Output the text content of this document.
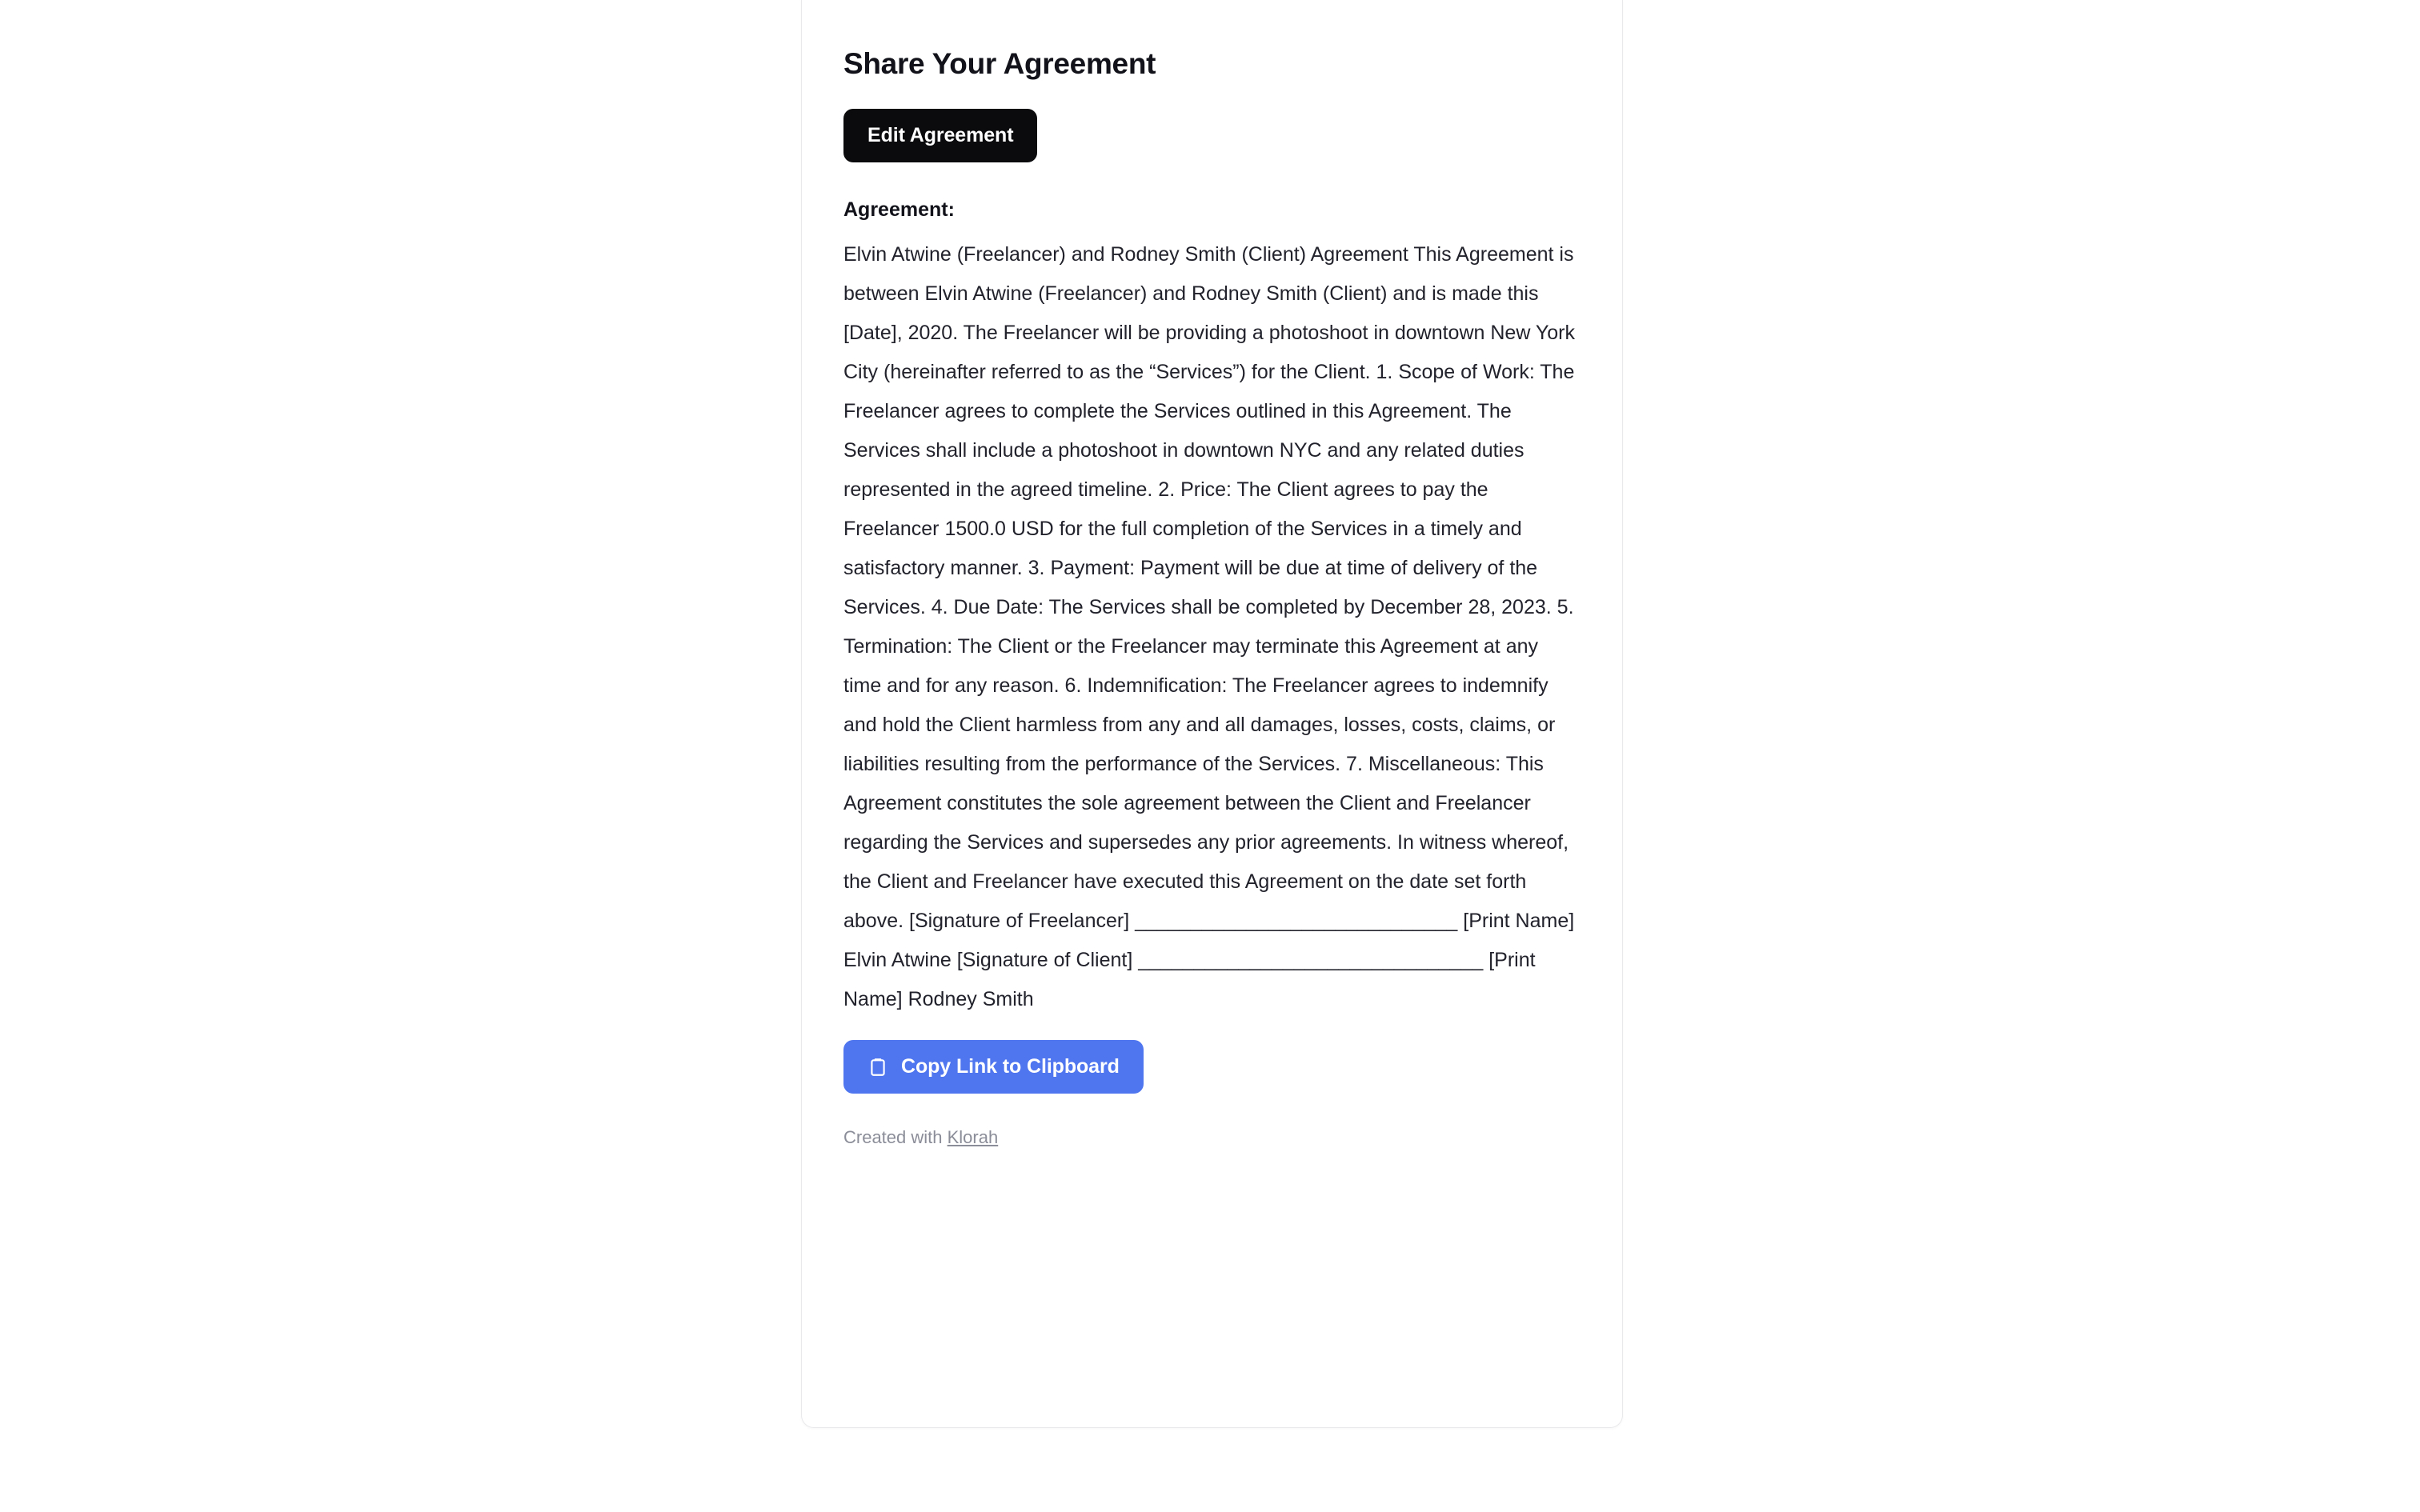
Share Your Agreement
Edit Agreement
Agreement:
Elvin Atwine (Freelancer) and Rodney Smith (Client) Agreement This Agreement is between Elvin Atwine (Freelancer) and Rodney Smith (Client) and is made this [Date], 2020. The Freelancer will be providing a photoshoot in downtown New York City (hereinafter referred to as the “Services”) for the Client. 1. Scope of Work: The Freelancer agrees to complete the Services outlined in this Agreement. The Services shall include a photoshoot in downtown NYC and any related duties represented in the agreed timeline. 2. Price: The Client agrees to pay the Freelancer 1500.0 USD for the full completion of the Services in a timely and satisfactory manner. 3. Payment: Payment will be due at time of delivery of the Services. 4. Due Date: The Services shall be completed by December 28, 2023. 5. Termination: The Client or the Freelancer may terminate this Agreement at any time and for any reason. 6. Indemnification: The Freelancer agrees to indemnify and hold the Client harmless from any and all damages, losses, costs, claims, or liabilities resulting from the performance of the Services. 7. Miscellaneous: This Agreement constitutes the sole agreement between the Client and Freelancer regarding the Services and supersedes any prior agreements. In witness whereof, the Client and Freelancer have executed this Agreement on the date set forth above. [Signature of Freelancer] _____________________________ [Print Name] Elvin Atwine [Signature of Client] _______________________________ [Print Name] Rodney Smith
Copy Link to Clipboard
Created with Klorah
